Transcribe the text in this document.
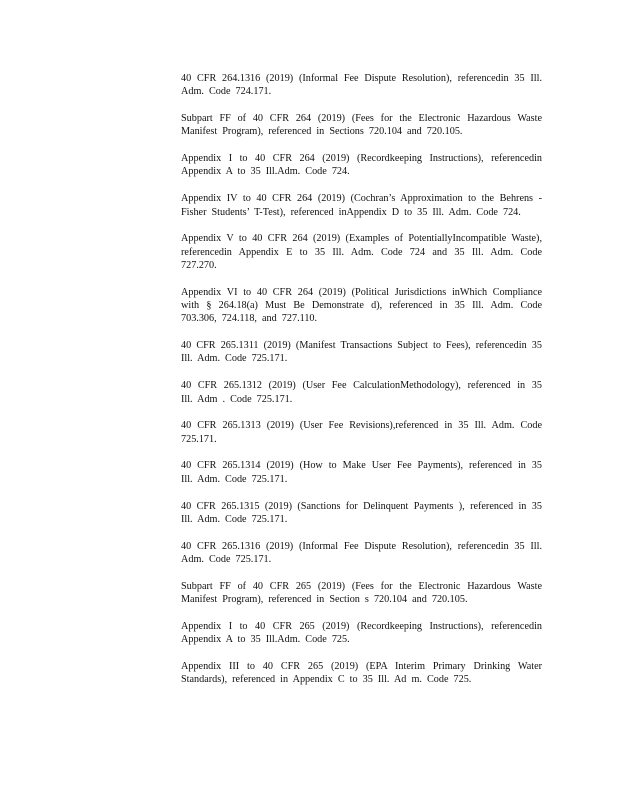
40 CFR 264.1316 (2019) (Informal Fee Dispute Resolution), referencedin 35 Ill. Adm. Code 724.171.
Subpart FF of 40 CFR 264 (2019) (Fees for the Electronic Hazardous Waste Manifest Program), referenced in Sections 720.104 and 720.105.
Appendix I to 40 CFR 264 (2019) (Recordkeeping Instructions), referencedin Appendix A to 35 Ill.Adm. Code 724.
Appendix IV to 40 CFR 264 (2019) (Cochran’s Approximation to the Behrens -Fisher Students’ T-Test), referenced inAppendix D to 35 Ill. Adm. Code 724.
Appendix V to 40 CFR 264 (2019) (Examples of PotentiallyIncompatible Waste), referencedin Appendix E to 35 Ill. Adm. Code 724 and 35 Ill. Adm. Code 727.270.
Appendix VI to 40 CFR 264 (2019) (Political Jurisdictions inWhich Compliance with § 264.18(a) Must Be Demonstrate d), referenced in 35 Ill. Adm. Code 703.306, 724.118, and 727.110.
40 CFR 265.1311 (2019) (Manifest Transactions Subject to Fees), referencedin 35 Ill. Adm. Code 725.171.
40 CFR 265.1312 (2019) (User Fee CalculationMethodology), referenced in 35 Ill. Adm . Code 725.171.
40 CFR 265.1313 (2019) (User Fee Revisions),referenced in 35 Ill. Adm. Code 725.171.
40 CFR 265.1314 (2019) (How to Make User Fee Payments), referenced in 35 Ill. Adm. Code 725.171.
40 CFR 265.1315 (2019) (Sanctions for Delinquent Payments ), referenced in 35 Ill. Adm. Code 725.171.
40 CFR 265.1316 (2019) (Informal Fee Dispute Resolution), referencedin 35 Ill. Adm. Code 725.171.
Subpart FF of 40 CFR 265 (2019) (Fees for the Electronic Hazardous Waste Manifest Program), referenced in Section s 720.104 and 720.105.
Appendix I to 40 CFR 265 (2019) (Recordkeeping Instructions), referencedin Appendix A to 35 Ill.Adm. Code 725.
Appendix III to 40 CFR 265 (2019) (EPA Interim Primary Drinking Water Standards), referenced in Appendix C to 35 Ill. Ad m. Code 725.
